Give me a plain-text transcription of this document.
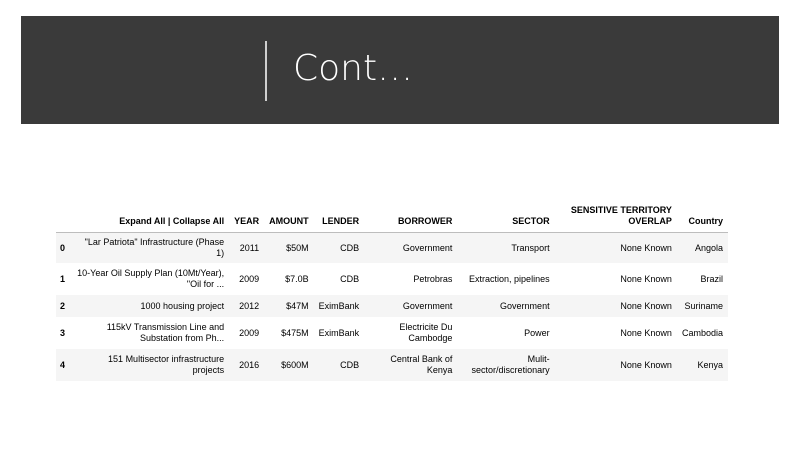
Cont…
	Expand All | Collapse All	YEAR	AMOUNT	LENDER	BORROWER	SECTOR	SENSITIVE TERRITORY OVERLAP	Country
0	"Lar Patriota" Infrastructure (Phase 1)	2011	$50M	CDB	Government	Transport	None Known	Angola
1	10-Year Oil Supply Plan (10Mt/Year), "Oil for ...	2009	$7.0B	CDB	Petrobras	Extraction, pipelines	None Known	Brazil
2	1000 housing project	2012	$47M	EximBank	Government	Government	None Known	Suriname
3	115kV Transmission Line and Substation from Ph...	2009	$475M	EximBank	Electricite Du Cambodge	Power	None Known	Cambodia
4	151 Multisector infrastructure projects	2016	$600M	CDB	Central Bank of Kenya	Mulit-sector/discretionary	None Known	Kenya
